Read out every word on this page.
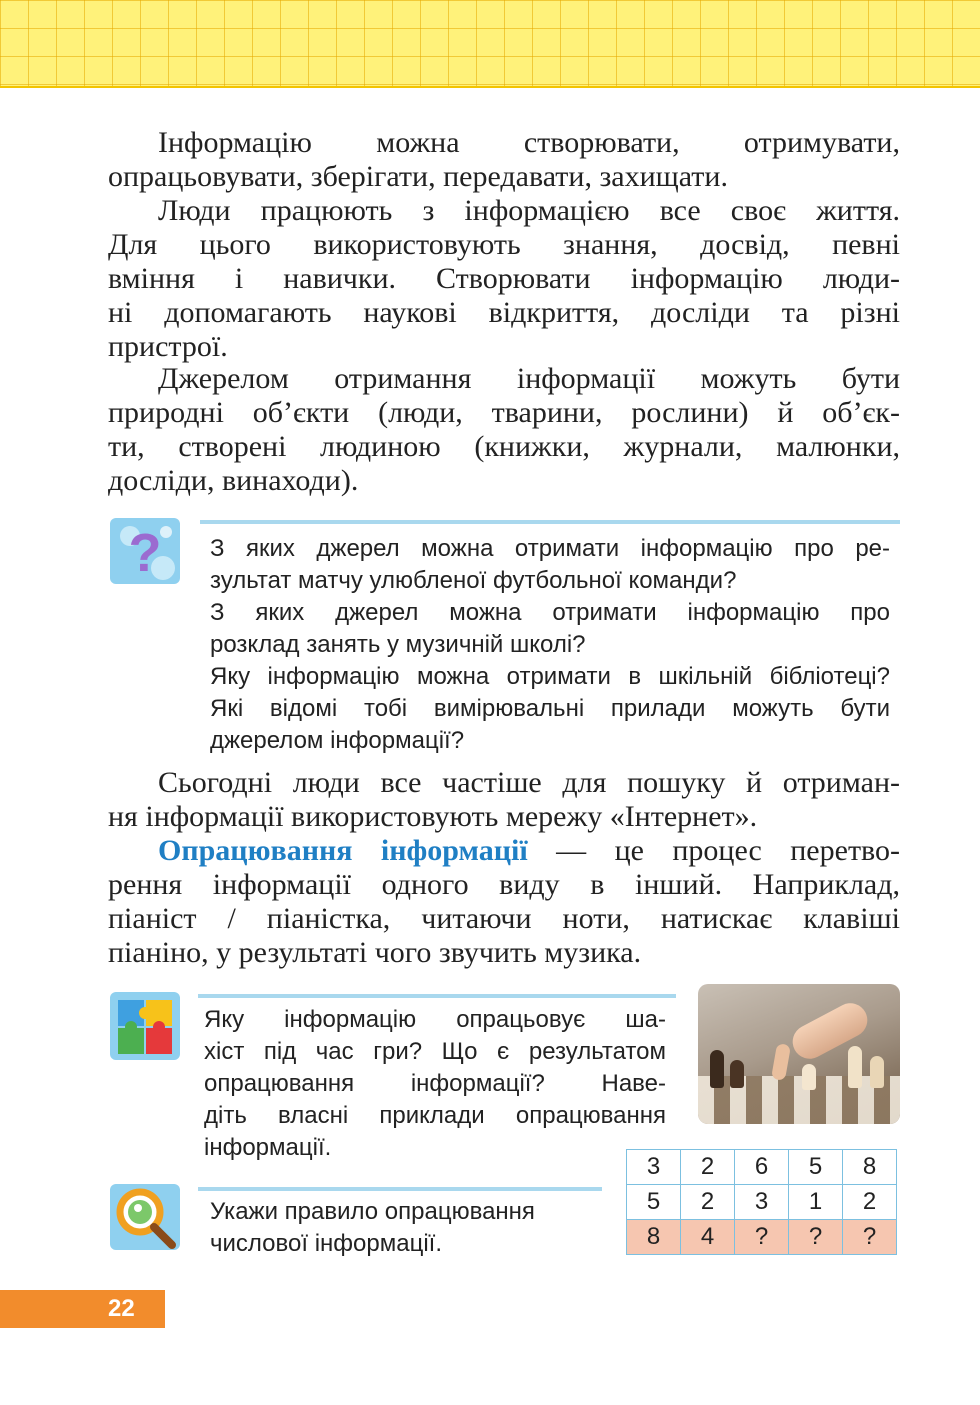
Інформацію можна створювати, отримувати,
опрацьовувати, зберігати, передавати, захищати.
Люди працюють з інформацією все своє життя.
Для цього використовують знання, досвід, певні
вміння і навички. Створювати інформацію люди-
ні допомагають наукові відкриття, досліди та різні
пристрої.
Джерелом отримання інформації можуть бути
природні об’єкти (люди, тварини, рослини) й об’єк-
ти, створені людиною (книжки, журнали, малюнки,
досліди, винаходи).
? З яких джерел можна отримати інформацію про ре-
зультат матчу улюбленої футбольної команди?
З яких джерел можна отримати інформацію про
розклад занять у музичній школі?
Яку інформацію можна отримати в шкільній бібліотеці?
Які відомі тобі вимірювальні прилади можуть бути
джерелом інформації?
Сьогодні люди все частіше для пошуку й отриман-
ня інформації використовують мережу «Інтернет».
Опрацювання інформації — це процес перетво-
рення інформації одного виду в інший. Наприклад,
піаніст / піаністка, читаючи ноти, натискає клавіші
піаніно, у результаті чого звучить музика.
Яку інформацію опрацьовує ша-
хіст під час гри? Що є результатом
опрацювання інформації? Наве-
діть власні приклади опрацювання
інформації.
3	2	6	5	8
5	2	3	1	2
8	4	?	?	?
Укажи правило опрацювання
числової інформації.
22
